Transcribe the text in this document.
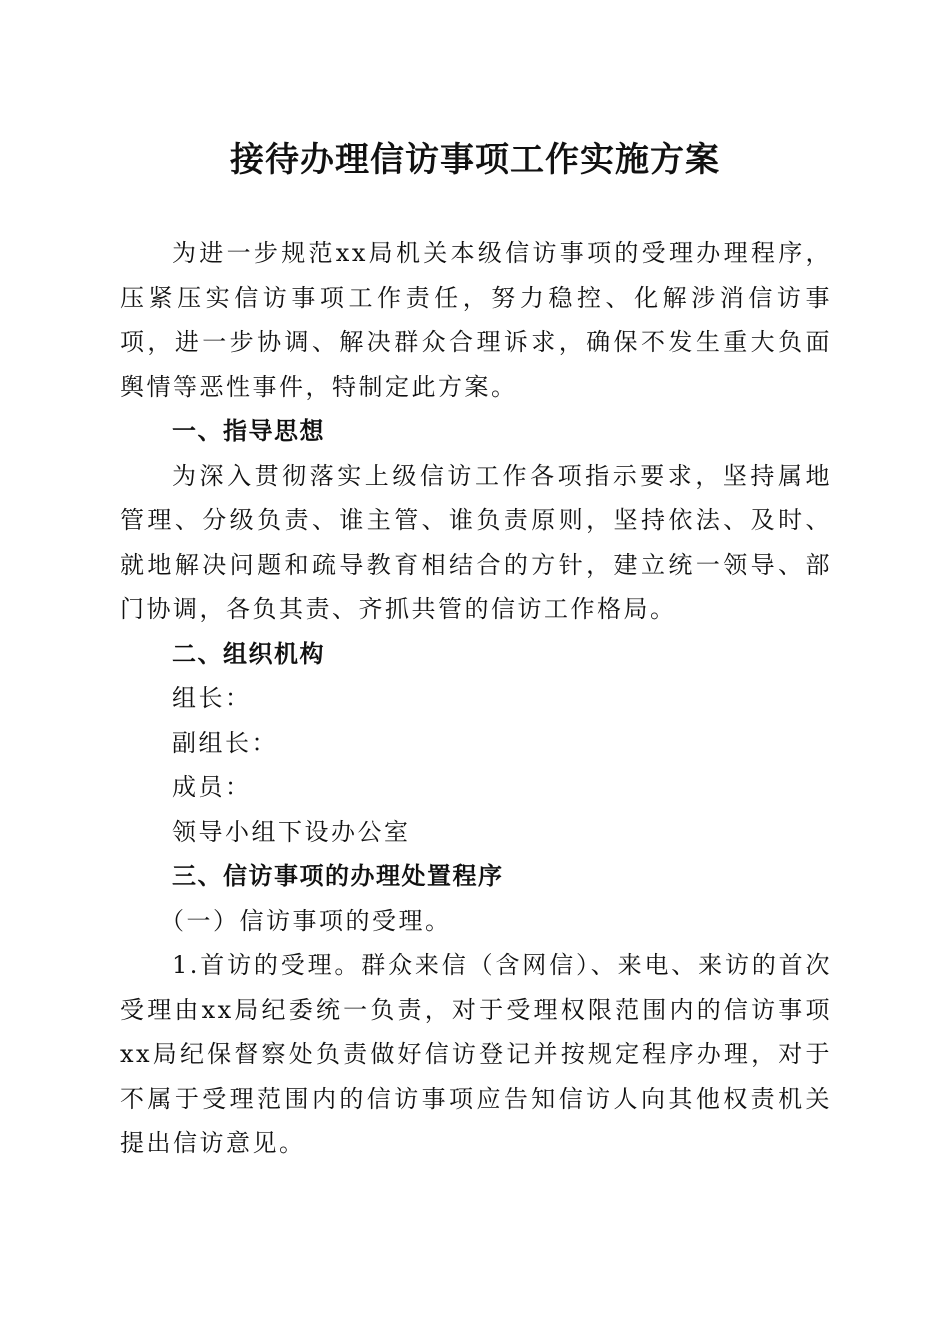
接待办理信访事项工作实施方案

为进一步规范xx局机关本级信访事项的受理办理程序，压紧压实信访事项工作责任，努力稳控、化解涉消信访事项，进一步协调、解决群众合理诉求，确保不发生重大负面舆情等恶性事件，特制定此方案。

一、指导思想

为深入贯彻落实上级信访工作各项指示要求，坚持属地管理、分级负责、谁主管、谁负责原则，坚持依法、及时、就地解决问题和疏导教育相结合的方针，建立统一领导、部门协调，各负其责、齐抓共管的信访工作格局。

二、组织机构

组长：

副组长：

成员：

领导小组下设办公室

三、信访事项的办理处置程序

（一）信访事项的受理。

1.首访的受理。群众来信（含网信）、来电、来访的首次受理由xx局纪委统一负责，对于受理权限范围内的信访事项xx局纪保督察处负责做好信访登记并按规定程序办理，对于不属于受理范围内的信访事项应告知信访人向其他权责机关提出信访意见。
